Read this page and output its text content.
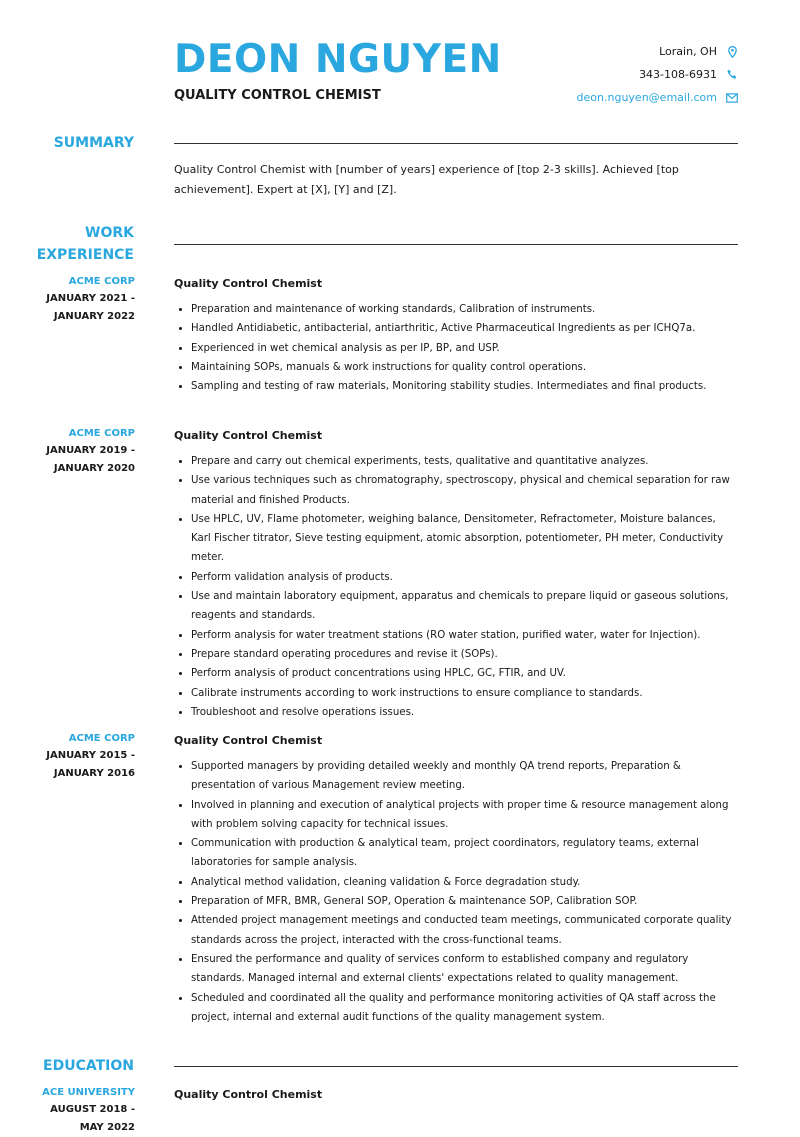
DEON NGUYEN
QUALITY CONTROL CHEMIST
Lorain, OH
343-108-6931
deon.nguyen@email.com
SUMMARY
Quality Control Chemist with [number of years] experience of [top 2-3 skills]. Achieved [top achievement]. Expert at [X], [Y] and [Z].
WORK
EXPERIENCE
ACME CORP
JANUARY 2021 -
JANUARY 2022
Quality Control Chemist
• Preparation and maintenance of working standards, Calibration of instruments.
• Handled Antidiabetic, antibacterial, antiarthritic, Active Pharmaceutical Ingredients as per ICHQ7a.
• Experienced in wet chemical analysis as per IP, BP, and USP.
• Maintaining SOPs, manuals & work instructions for quality control operations.
• Sampling and testing of raw materials, Monitoring stability studies. Intermediates and final products.
ACME CORP
JANUARY 2019 -
JANUARY 2020
Quality Control Chemist
• Prepare and carry out chemical experiments, tests, qualitative and quantitative analyzes.
• Use various techniques such as chromatography, spectroscopy, physical and chemical separation for raw material and finished Products.
• Use HPLC, UV, Flame photometer, weighing balance, Densitometer, Refractometer, Moisture balances, Karl Fischer titrator, Sieve testing equipment, atomic absorption, potentiometer, PH meter, Conductivity meter.
• Perform validation analysis of products.
• Use and maintain laboratory equipment, apparatus and chemicals to prepare liquid or gaseous solutions, reagents and standards.
• Perform analysis for water treatment stations (RO water station, purified water, water for Injection).
• Prepare standard operating procedures and revise it (SOPs).
• Perform analysis of product concentrations using HPLC, GC, FTIR, and UV.
• Calibrate instruments according to work instructions to ensure compliance to standards.
• Troubleshoot and resolve operations issues.
ACME CORP
JANUARY 2015 -
JANUARY 2016
Quality Control Chemist
• Supported managers by providing detailed weekly and monthly QA trend reports, Preparation & presentation of various Management review meeting.
• Involved in planning and execution of analytical projects with proper time & resource management along with problem solving capacity for technical issues.
• Communication with production & analytical team, project coordinators, regulatory teams, external laboratories for sample analysis.
• Analytical method validation, cleaning validation & Force degradation study.
• Preparation of MFR, BMR, General SOP, Operation & maintenance SOP, Calibration SOP.
• Attended project management meetings and conducted team meetings, communicated corporate quality standards across the project, interacted with the cross-functional teams.
• Ensured the performance and quality of services conform to established company and regulatory standards. Managed internal and external clients' expectations related to quality management.
• Scheduled and coordinated all the quality and performance monitoring activities of QA staff across the project, internal and external audit functions of the quality management system.
EDUCATION
ACE UNIVERSITY
AUGUST 2018 -
MAY 2022
Quality Control Chemist
